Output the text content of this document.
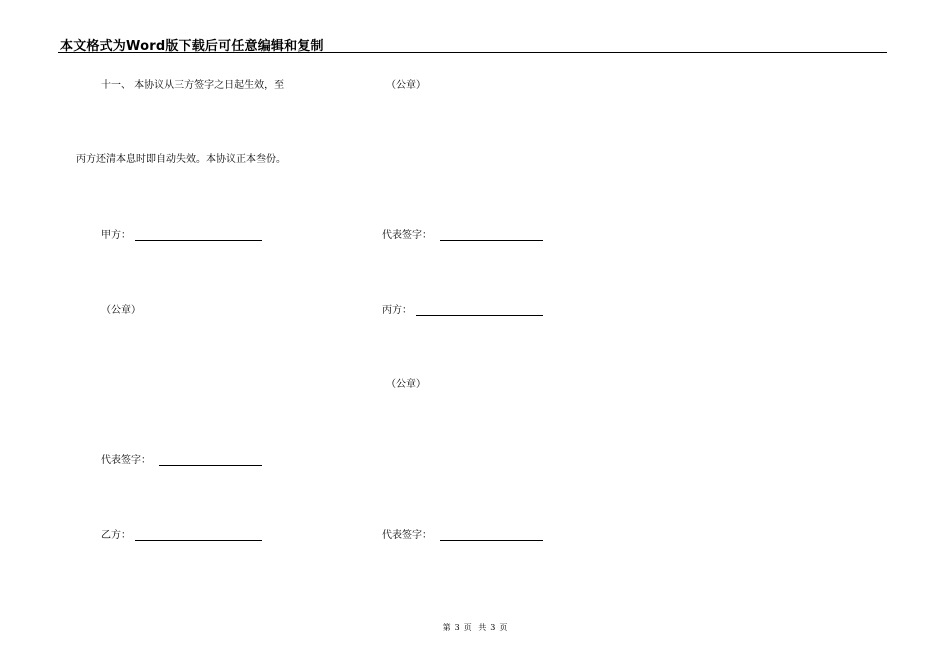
本文格式为Word版下载后可任意编辑和复制
十一、 本协议从三方签字之日起生效，至	（公章）
丙方还清本息时即自动失效。本协议正本叁份。
甲方：	代表签字：
（公章）	丙方：
（公章）
代表签字：
乙方：	代表签字：
第 3 页 共 3 页
